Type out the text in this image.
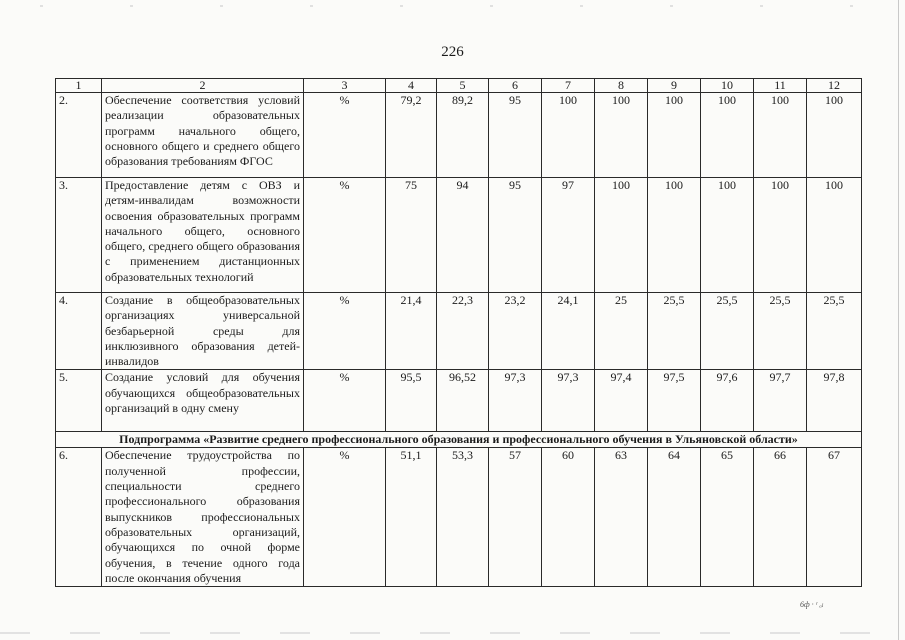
226
1	2	3	4	5	6	7	8	9	10	11	12
2.	Обеспечение соответствия условий реализации образовательных программ начального общего, основного общего и среднего общего образования требованиям ФГОС	%	79,2	89,2	95	100	100	100	100	100	100
3.	Предоставление детям с ОВЗ и детям-инвалидам возможности освоения образовательных программ начального общего, основного общего, среднего общего образования с применением дистанционных образовательных технологий	%	75	94	95	97	100	100	100	100	100
4.	Создание в общеобразовательных организациях универсальной безбарьерной среды для инклюзивного образования детей-инвалидов	%	21,4	22,3	23,2	24,1	25	25,5	25,5	25,5	25,5
5.	Создание условий для обучения обучающихся общеобразовательных организаций в одну смену	%	95,5	96,52	97,3	97,3	97,4	97,5	97,6	97,7	97,8
Подпрограмма «Развитие среднего профессионального образования и профессионального обучения в Ульяновской области»											
6.	Обеспечение трудоустройства по полученной профессии, специальности среднего профессионального образования выпускников профессиональных образовательных организаций, обучающихся по очной форме обучения, в течение одного года после окончания обучения	%	51,1	53,3	57	60	63	64	65	66	67
6ф · ʳ ₐₗ
